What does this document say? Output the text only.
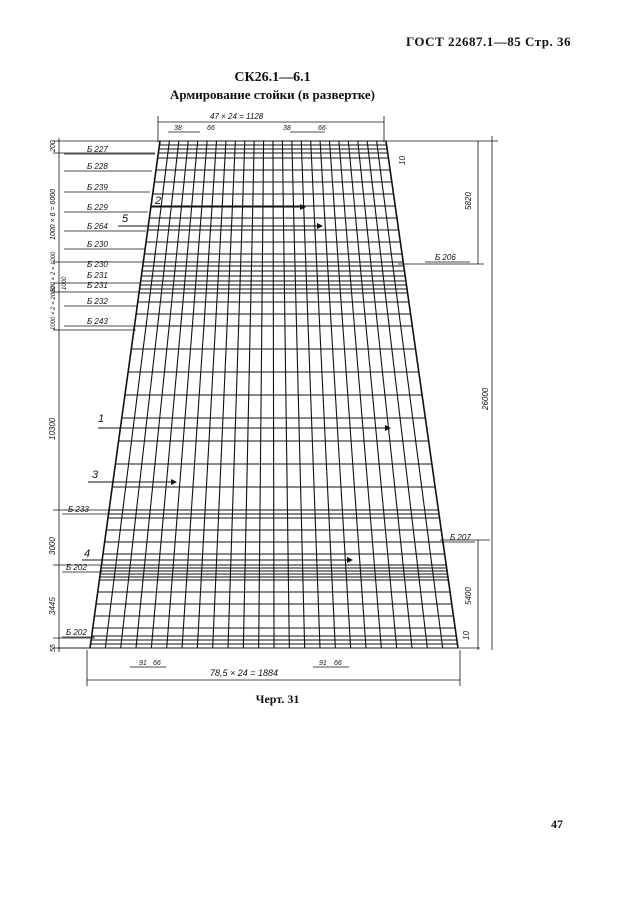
ГОСТ 22687.1—85 Стр. 36
СК26.1—6.1
Армирование стойки (в развертке)
47 × 24 = 1128
38	66	38	66
78,5 × 24 = 1884
91 66	91 66
10
5820
26000
5400
10
200
1000 × 6 = 6000
500 × 2 = 1000 1000
1000 × 2 = 2000
10300
3000
3445
55
Б 227
Б 228
Б 239
Б 229
Б 264
Б 230
Б 230
Б 231
Б 231
Б 232
Б 243
Б 233
Б 202
Б 202
Б 206
Б 207
1
2
3
4
5
Черт. 31
47
